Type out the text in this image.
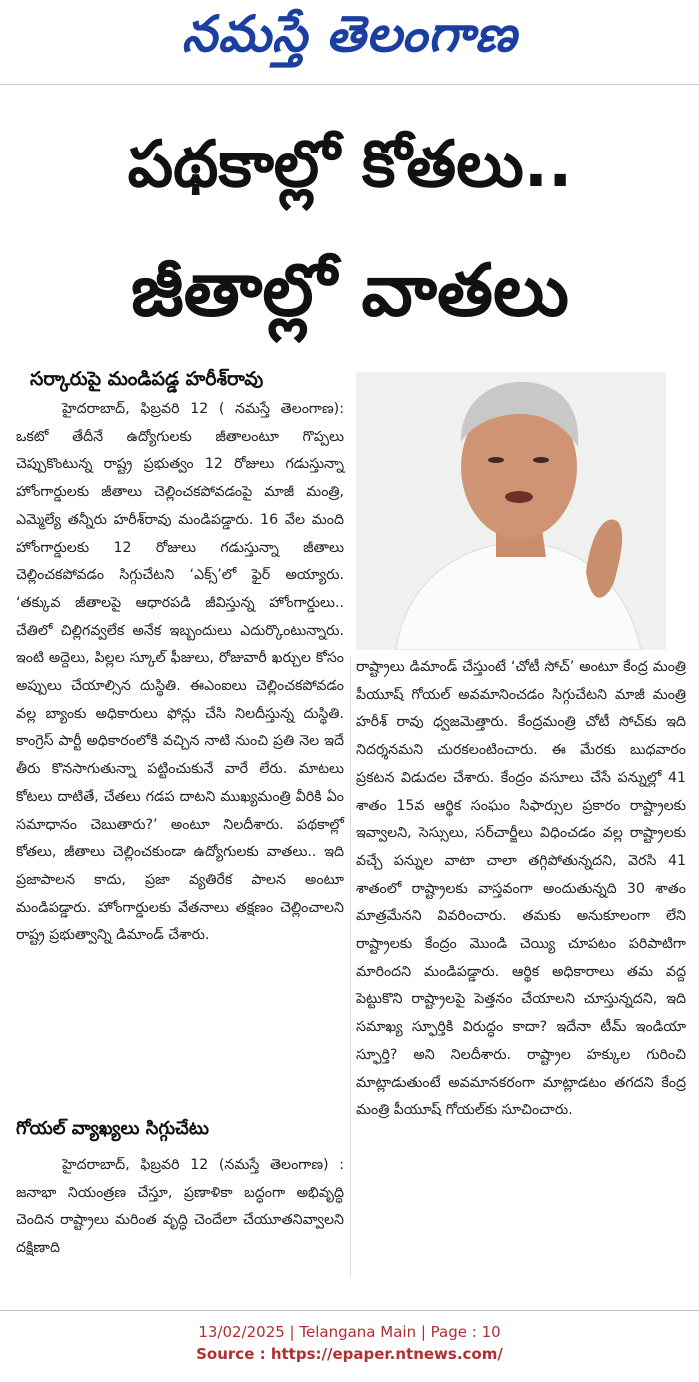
నమస్తే తెలంగాణ
పథకాల్లో కోతలు..
జీతాల్లో వాతలు
సర్కారుపై మండిపడ్డ హరీశ్‌రావు

హైదరాబాద్, ఫిబ్రవరి 12 ( నమస్తే తెలంగాణ): ఒకటో తేదీనే ఉద్యోగులకు జీతాలంటూ గొప్పలు చెప్పుకొంటున్న రాష్ట్ర ప్రభుత్వం 12 రోజులు గడుస్తున్నా హోంగార్డులకు జీతాలు చెల్లించకపోవడంపై మాజీ మంత్రి, ఎమ్మెల్యే తన్నీరు హరీశ్‌రావు మండిపడ్డారు. 16 వేల మంది హోంగార్డులకు 12 రోజులు గడుస్తున్నా జీతాలు చెల్లించకపోవడం సిగ్గుచేటని ‘ఎక్స్’లో ఫైర్ అయ్యారు. ‘తక్కువ జీతాలపై ఆధారపడి జీవిస్తున్న హోంగార్డులు.. చేతిలో చిల్లిగవ్వలేక అనేక ఇబ్బందులు ఎదుర్కొంటున్నారు. ఇంటి అద్దెలు, పిల్లల స్కూల్ ఫీజులు, రోజువారీ ఖర్చుల కోసం అప్పులు చేయాల్సిన దుస్థితి. ఈఎంఐలు చెల్లించకపోవడం వల్ల బ్యాంకు అధికారులు ఫోన్లు చేసి నిలదీస్తున్న దుస్థితి. కాంగ్రెస్ పార్టీ అధికారంలోకి వచ్చిన నాటి నుంచి ప్రతి నెల ఇదే తీరు కొనసాగుతున్నా పట్టించుకునే వారే లేరు. మాటలు కోటలు దాటితే, చేతలు గడప దాటని ముఖ్యమంత్రి వీరికి ఏం సమాధానం చెబుతారు?’ అంటూ నిలదీశారు. పథకాల్లో కోతలు, జీతాలు చెల్లించకుండా ఉద్యోగులకు వాతలు.. ఇది ప్రజాపాలన కాదు, ప్రజా వ్యతిరేక పాలన అంటూ మండిపడ్డారు. హోంగార్డులకు వేతనాలు తక్షణం చెల్లించాలని రాష్ట్ర ప్రభుత్వాన్ని డిమాండ్ చేశారు.

గోయల్ వ్యాఖ్యలు సిగ్గుచేటు

హైదరాబాద్, ఫిబ్రవరి 12 (నమస్తే తెలంగాణ) : జనాభా నియంత్రణ చేస్తూ, ప్రణాళికా బద్ధంగా అభివృద్ధి చెందిన రాష్ట్రాలు మరింత వృద్ధి చెందేలా చేయూతనివ్వాలని దక్షిణాది

రాష్ట్రాలు డిమాండ్ చేస్తుంటే ‘చోటీ సోచ్’ అంటూ కేంద్ర మంత్రి పీయూష్ గోయల్ అవమానించడం సిగ్గుచేటని మాజీ మంత్రి హరీశ్ రావు ధ్వజమెత్తారు. కేంద్రమంత్రి చోటీ సోచ్‌కు ఇది నిదర్శనమని చురకలంటించారు. ఈ మేరకు బుధవారం ప్రకటన విడుదల చేశారు. కేంద్రం వసూలు చేసే పన్నుల్లో 41 శాతం 15వ ఆర్థిక సంఘం సిఫార్సుల ప్రకారం రాష్ట్రాలకు ఇవ్వాలని, సెస్సులు, సర్‌చార్జీలు విధించడం వల్ల రాష్ట్రాలకు వచ్చే పన్నుల వాటా చాలా తగ్గిపోతున్నదని, వెరసి 41 శాతంలో రాష్ట్రాలకు వాస్తవంగా అందుతున్నది 30 శాతం మాత్రమేనని వివరించారు. తమకు అనుకూలంగా లేని రాష్ట్రాలకు కేంద్రం మొండి చెయ్యి చూపటం పరిపాటిగా మారిందని మండిపడ్డారు. ఆర్థిక అధికారాలు తమ వద్ద పెట్టుకొని రాష్ట్రాలపై పెత్తనం చేయాలని చూస్తున్నదని, ఇది సమాఖ్య స్ఫూర్తికి విరుద్ధం కాదా? ఇదేనా టీమ్ ఇండియా స్ఫూర్తి? అని నిలదీశారు. రాష్ట్రాల హక్కుల గురించి మాట్లాడుతుంటే అవమానకరంగా మాట్లాడటం తగదని కేంద్ర మంత్రి పీయూష్ గోయల్‌కు సూచించారు.

13/02/2025 | Telangana Main | Page : 10
Source : https://epaper.ntnews.com/
